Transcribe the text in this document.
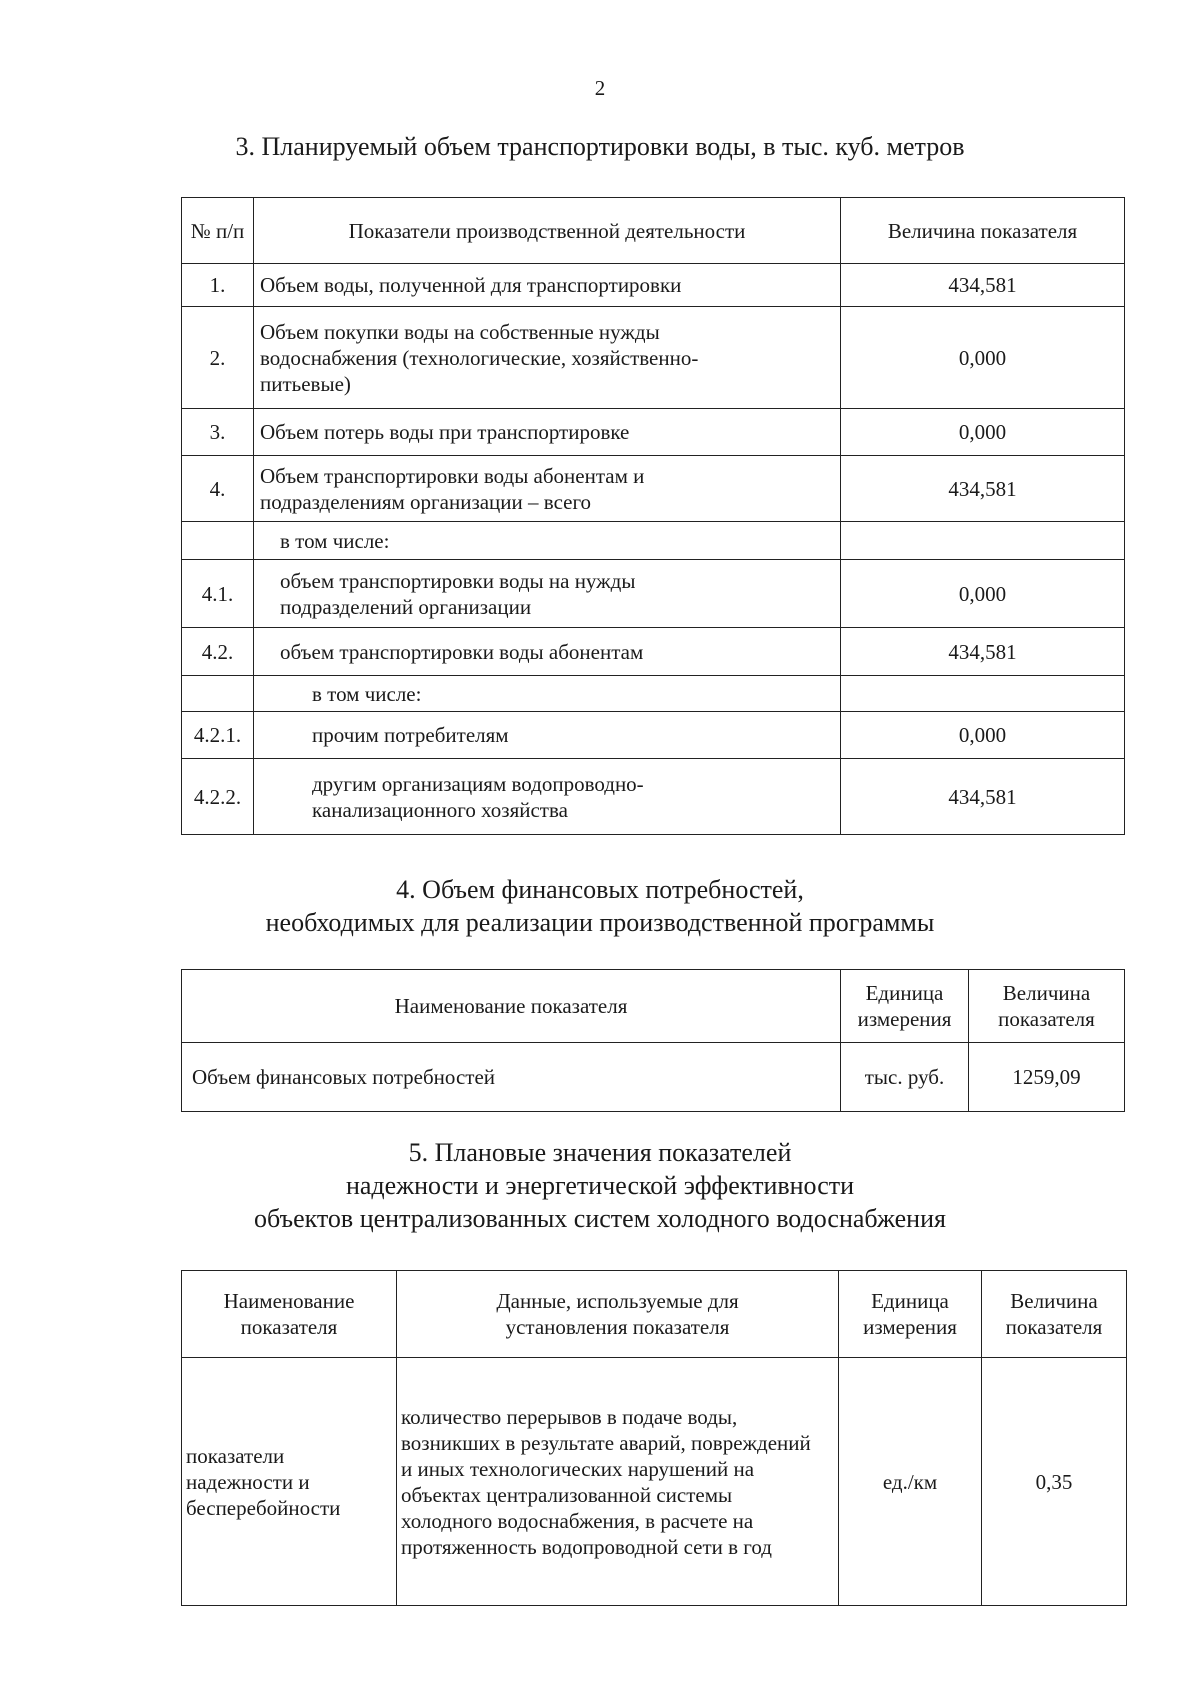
2
3. Планируемый объем транспортировки воды, в тыс. куб. метров
№ п/п	Показатели производственной деятельности	Величина показателя
1.	Объем воды, полученной для транспортировки	434,581
2.	Объем покупки воды на собственные нужды водоснабжения (технологические, хозяйственно-питьевые)	0,000
3.	Объем потерь воды при транспортировке	0,000
4.	Объем транспортировки воды абонентам и подразделениям организации – всего	434,581
	в том числе:	
4.1.	объем транспортировки воды на нужды подразделений организации	0,000
4.2.	объем транспортировки воды абонентам	434,581
	в том числе:	
4.2.1.	прочим потребителям	0,000
4.2.2.	другим организациям водопроводно-канализационного хозяйства	434,581
4. Объем финансовых потребностей,
необходимых для реализации производственной программы
Наименование показателя	Единица измерения	Величина показателя
Объем финансовых потребностей	тыс. руб.	1259,09
5. Плановые значения показателей
надежности и энергетической эффективности
объектов централизованных систем холодного водоснабжения
Наименование показателя	Данные, используемые для установления показателя	Единица измерения	Величина показателя
показатели надежности и бесперебойности	количество перерывов в подаче воды, возникших в результате аварий, повреждений и иных технологических нарушений на объектах централизованной системы холодного водоснабжения, в расчете на протяженность водопроводной сети в год	ед./км	0,35
